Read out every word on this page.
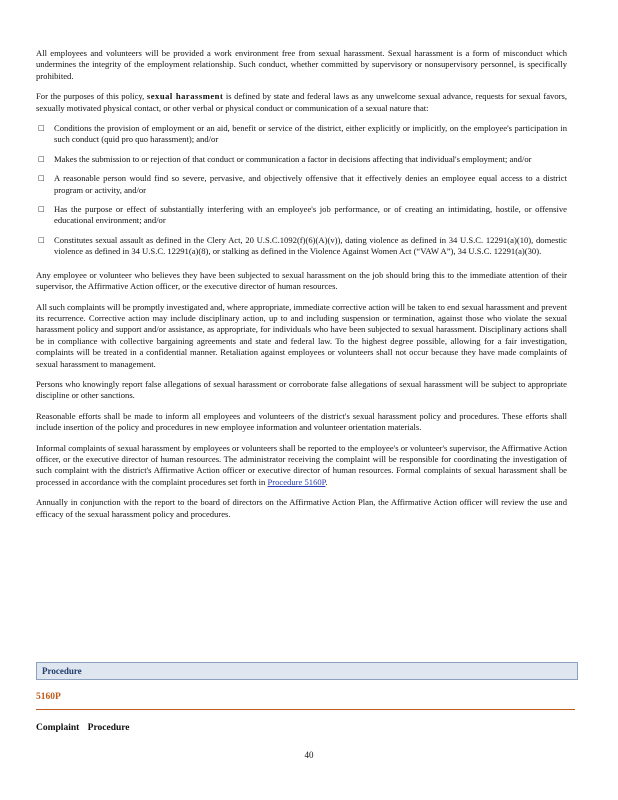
All employees and volunteers will be provided a work environment free from sexual harassment. Sexual harassment is a form of misconduct which undermines the integrity of the employment relationship. Such conduct, whether committed by supervisory or nonsupervisory personnel, is specifically prohibited.

For the purposes of this policy, sexual harassment is defined by state and federal laws as any unwelcome sexual advance, requests for sexual favors, sexually motivated physical contact, or other verbal or physical conduct or communication of a sexual nature that:

□ Conditions the provision of employment or an aid, benefit or service of the district, either explicitly or implicitly, on the employee's participation in such conduct (quid pro quo harassment); and/or
□ Makes the submission to or rejection of that conduct or communication a factor in decisions affecting that individual's employment; and/or
□ A reasonable person would find so severe, pervasive, and objectively offensive that it effectively denies an employee equal access to a district program or activity, and/or
□ Has the purpose or effect of substantially interfering with an employee's job performance, or of creating an intimidating, hostile, or offensive educational environment; and/or
□ Constitutes sexual assault as defined in the Clery Act, 20 U.S.C.1092(f)(6)(A)(v)), dating violence as defined in 34 U.S.C. 12291(a)(10), domestic violence as defined in 34 U.S.C. 12291(a)(8), or stalking as defined in the Violence Against Women Act (“VAW A”), 34 U.S.C. 12291(a)(30).

Any employee or volunteer who believes they have been subjected to sexual harassment on the job should bring this to the immediate attention of their supervisor, the Affirmative Action officer, or the executive director of human resources.

All such complaints will be promptly investigated and, where appropriate, immediate corrective action will be taken to end sexual harassment and prevent its recurrence. Corrective action may include disciplinary action, up to and including suspension or termination, against those who violate the sexual harassment policy and support and/or assistance, as appropriate, for individuals who have been subjected to sexual harassment. Disciplinary actions shall be in compliance with collective bargaining agreements and state and federal law. To the highest degree possible, allowing for a fair investigation, complaints will be treated in a confidential manner. Retaliation against employees or volunteers shall not occur because they have made complaints of sexual harassment to management.

Persons who knowingly report false allegations of sexual harassment or corroborate false allegations of sexual harassment will be subject to appropriate discipline or other sanctions.

Reasonable efforts shall be made to inform all employees and volunteers of the district's sexual harassment policy and procedures. These efforts shall include insertion of the policy and procedures in new employee information and volunteer orientation materials.

Informal complaints of sexual harassment by employees or volunteers shall be reported to the employee's or volunteer's supervisor, the Affirmative Action officer, or the executive director of human resources. The administrator receiving the complaint will be responsible for coordinating the investigation of such complaint with the district's Affirmative Action officer or executive director of human resources. Formal complaints of sexual harassment shall be processed in accordance with the complaint procedures set forth in Procedure 5160P.

Annually in conjunction with the report to the board of directors on the Affirmative Action Plan, the Affirmative Action officer will review the use and efficacy of the sexual harassment policy and procedures.

Procedure
5160P
Complaint Procedure
40
